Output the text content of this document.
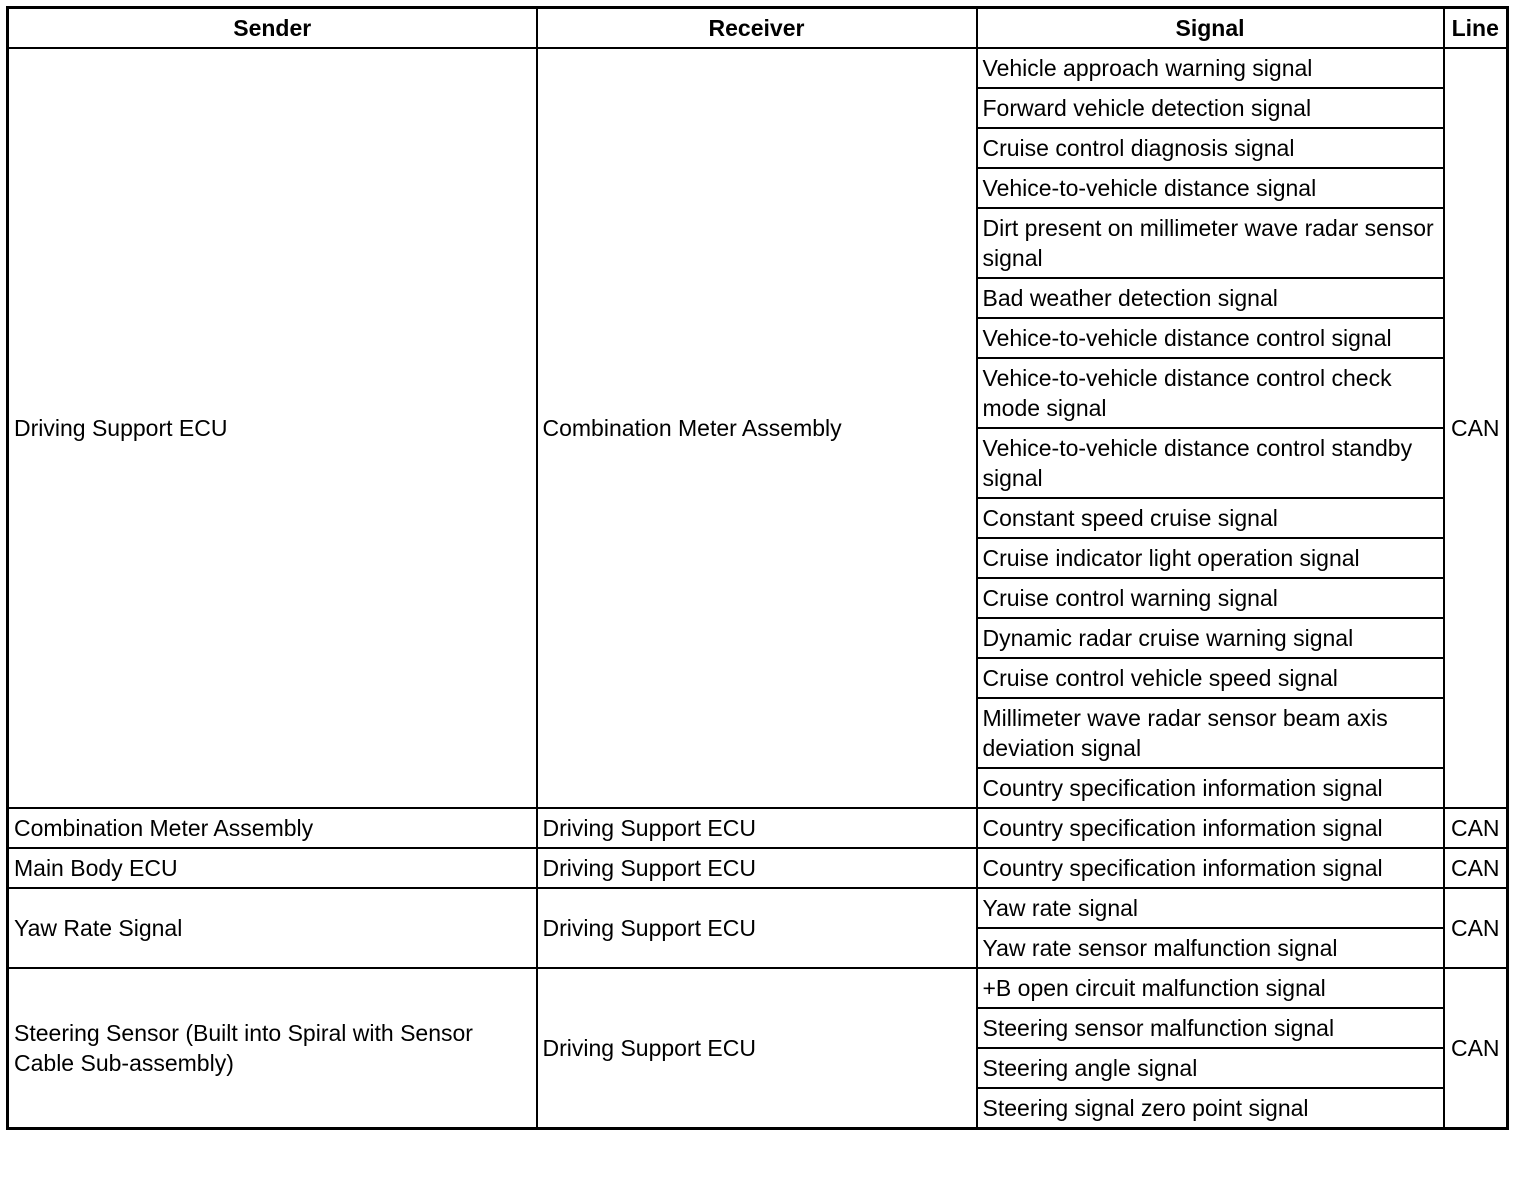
Sender	Receiver	Signal	Line
Driving Support ECU	Combination Meter Assembly	Vehicle approach warning signal	CAN
		Forward vehicle detection signal	
		Cruise control diagnosis signal	
		Vehice-to-vehicle distance signal	
		Dirt present on millimeter wave radar sensor signal	
		Bad weather detection signal	
		Vehice-to-vehicle distance control signal	
		Vehice-to-vehicle distance control check mode signal	
		Vehice-to-vehicle distance control standby signal	
		Constant speed cruise signal	
		Cruise indicator light operation signal	
		Cruise control warning signal	
		Dynamic radar cruise warning signal	
		Cruise control vehicle speed signal	
		Millimeter wave radar sensor beam axis deviation signal	
		Country specification information signal	
Combination Meter Assembly	Driving Support ECU	Country specification information signal	CAN
Main Body ECU	Driving Support ECU	Country specification information signal	CAN
Yaw Rate Signal	Driving Support ECU	Yaw rate signal	CAN
		Yaw rate sensor malfunction signal	
Steering Sensor (Built into Spiral with Sensor Cable Sub-assembly)	Driving Support ECU	+B open circuit malfunction signal	CAN
		Steering sensor malfunction signal	
		Steering angle signal	
		Steering signal zero point signal	
